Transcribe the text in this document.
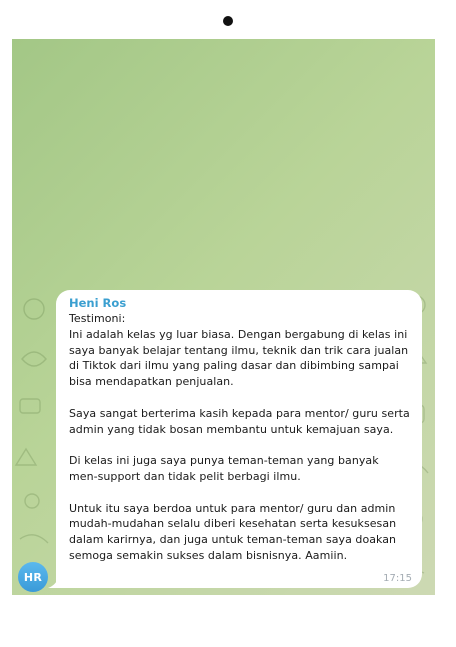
Heni Ros
Testimoni:
Ini adalah kelas yg luar biasa. Dengan bergabung di kelas ini saya banyak belajar tentang ilmu, teknik dan trik cara jualan di Tiktok dari ilmu yang paling dasar dan dibimbing sampai bisa mendapatkan penjualan.

Saya sangat berterima kasih kepada para mentor/ guru serta admin yang tidak bosan membantu untuk kemajuan saya.

Di kelas ini juga saya punya teman-teman yang banyak men-support dan tidak pelit berbagi ilmu.

Untuk itu saya berdoa untuk para mentor/ guru dan admin mudah-mudahan selalu diberi kesehatan serta kesuksesan dalam karirnya, dan juga untuk teman-teman saya doakan semoga semakin sukses dalam bisnisnya. Aamiin.
17:15
HR
